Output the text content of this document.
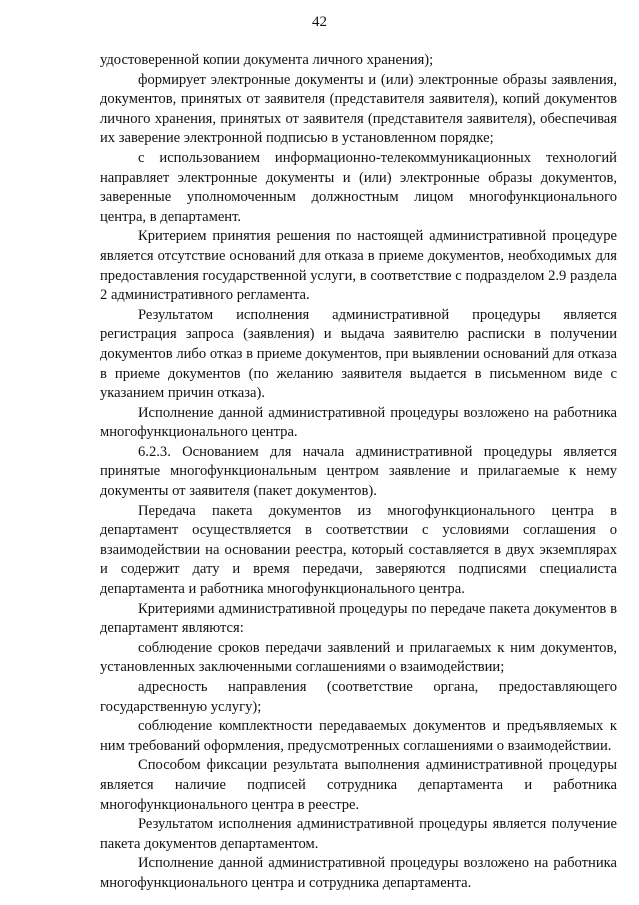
42

удостоверенной копии документа личного хранения);

формирует электронные документы и (или) электронные образы заявления, документов, принятых от заявителя (представителя заявителя), копий документов личного хранения, принятых от заявителя (представителя заявителя), обеспечивая их заверение электронной подписью в установленном порядке;

с использованием информационно-телекоммуникационных технологий направляет электронные документы и (или) электронные образы документов, заверенные уполномоченным должностным лицом многофункционального центра, в департамент.

Критерием принятия решения по настоящей административной процедуре является отсутствие оснований для отказа в приеме документов, необходимых для предоставления государственной услуги, в соответствие с подразделом 2.9 раздела 2 административного регламента.

Результатом исполнения административной процедуры является регистрация запроса (заявления) и выдача заявителю расписки в получении документов либо отказ в приеме документов, при выявлении оснований для отказа в приеме документов (по желанию заявителя выдается в письменном виде с указанием причин отказа).

Исполнение данной административной процедуры возложено на работника многофункционального центра.

6.2.3. Основанием для начала административной процедуры является принятые многофункциональным центром заявление и прилагаемые к нему документы от заявителя (пакет документов).

Передача пакета документов из многофункционального центра в департамент осуществляется в соответствии с условиями соглашения о взаимодействии на основании реестра, который составляется в двух экземплярах и содержит дату и время передачи, заверяются подписями специалиста департамента и работника многофункционального центра.

Критериями административной процедуры по передаче пакета документов в департамент являются:

соблюдение сроков передачи заявлений и прилагаемых к ним документов, установленных заключенными соглашениями о взаимодействии;

адресность направления (соответствие органа, предоставляющего государственную услугу);

соблюдение комплектности передаваемых документов и предъявляемых к ним требований оформления, предусмотренных соглашениями о взаимодействии.

Способом фиксации результата выполнения административной процедуры является наличие подписей сотрудника департамента и работника многофункционального центра в реестре.

Результатом исполнения административной процедуры является получение пакета документов департаментом.

Исполнение данной административной процедуры возложено на работника многофункционального центра и сотрудника департамента.
